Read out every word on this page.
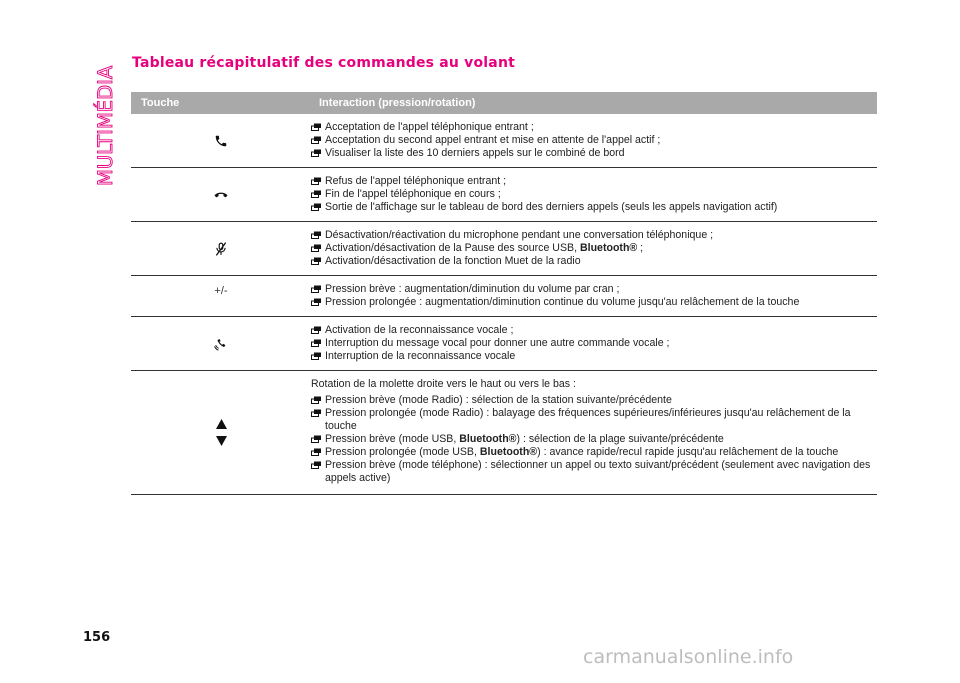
MULTIMÉDIA
Tableau récapitulatif des commandes au volant
Touche	Interaction (pression/rotation)
Acceptation de l'appel téléphonique entrant ;
Acceptation du second appel entrant et mise en attente de l'appel actif ;
Visualiser la liste des 10 derniers appels sur le combiné de bord
Refus de l'appel téléphonique entrant ;
Fin de l'appel téléphonique en cours ;
Sortie de l'affichage sur le tableau de bord des derniers appels (seuls les appels navigation actif)
Désactivation/réactivation du microphone pendant une conversation téléphonique ;
Activation/désactivation de la Pause des source USB, Bluetooth® ;
Activation/désactivation de la fonction Muet de la radio
+/-	Pression brève : augmentation/diminution du volume par cran ;
Pression prolongée : augmentation/diminution continue du volume jusqu'au relâchement de la touche
Activation de la reconnaissance vocale ;
Interruption du message vocal pour donner une autre commande vocale ;
Interruption de la reconnaissance vocale
Rotation de la molette droite vers le haut ou vers le bas :
Pression brève (mode Radio) : sélection de la station suivante/précédente
Pression prolongée (mode Radio) : balayage des fréquences supérieures/inférieures jusqu'au relâchement de la touche
Pression brève (mode USB, Bluetooth®) : sélection de la plage suivante/précédente
Pression prolongée (mode USB, Bluetooth®) : avance rapide/recul rapide jusqu'au relâchement de la touche
Pression brève (mode téléphone) : sélectionner un appel ou texto suivant/précédent (seulement avec navigation des appels active)
156
carmanualsonline.info
